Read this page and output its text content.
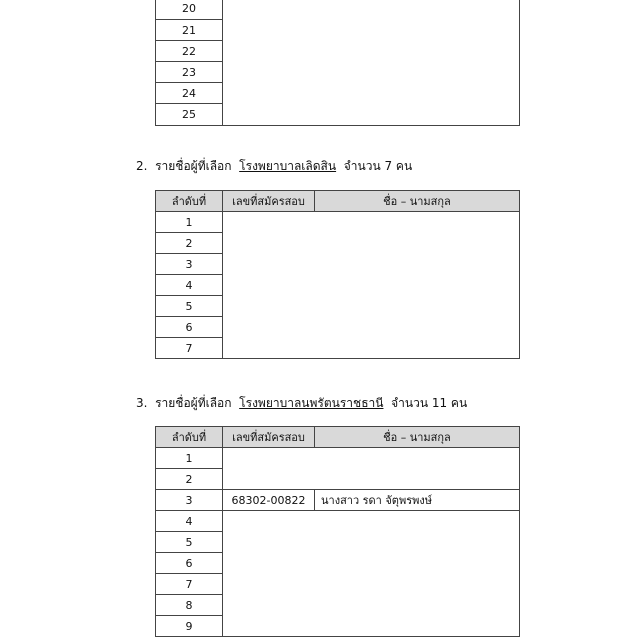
20	
21
22
23
24
25
2. รายชื่อผู้ที่เลือก โรงพยาบาลเลิดสิน จำนวน 7 คน
ลำดับที่	เลขที่สมัครสอบ	ชื่อ – นามสกุล
1		
2		
3		
4		
5		
6		
7		
3. รายชื่อผู้ที่เลือก โรงพยาบาลนพรัตนราชธานี จำนวน 11 คน
ลำดับที่	เลขที่สมัครสอบ	ชื่อ – นามสกุล
1		
2		
3	68302-00822	นางสาว รดา จัตุพรพงษ์
4		
5		
6		
7		
8		
9		
